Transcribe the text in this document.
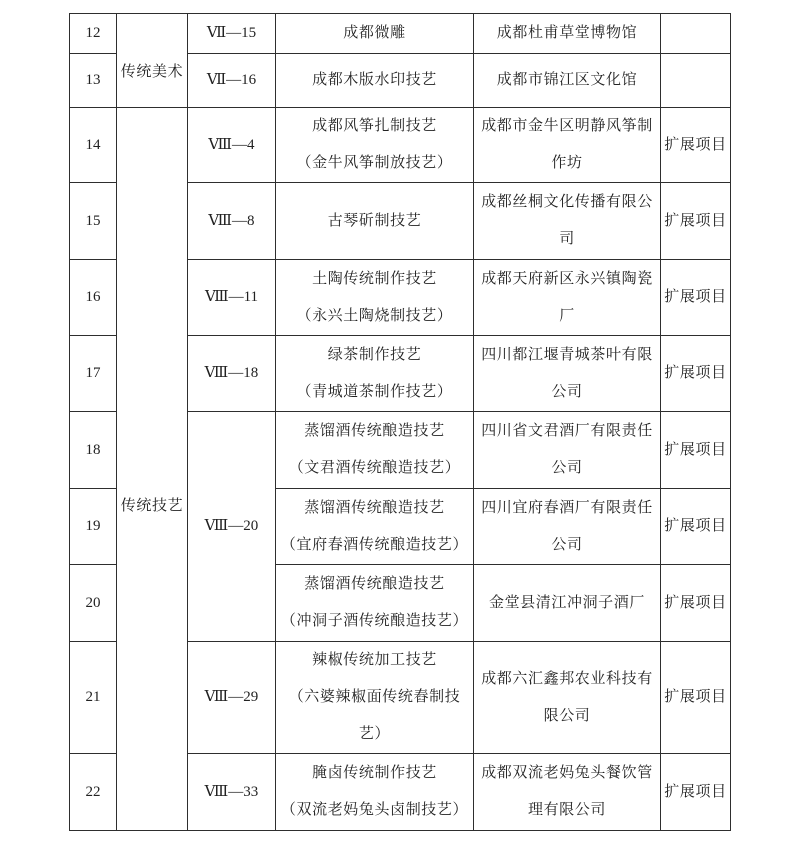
12	传统美术	Ⅶ—15	成都微雕	成都杜甫草堂博物馆	

13		Ⅶ—16	成都木版水印技艺	成都市锦江区文化馆	

14	传统技艺	Ⅷ—4	成都风筝扎制技艺
（金牛风筝制放技艺）	成都市金牛区明静风筝制作坊	扩展项目
15		Ⅷ—8	古琴斫制技艺	成都丝桐文化传播有限公司	扩展项目
16		Ⅷ—11	土陶传统制作技艺
（永兴土陶烧制技艺）	成都天府新区永兴镇陶瓷厂	扩展项目
17		Ⅷ—18	绿茶制作技艺
（青城道茶制作技艺）	四川都江堰青城茶叶有限公司	扩展项目
18		Ⅷ—20	蒸馏酒传统酿造技艺
（文君酒传统酿造技艺）	四川省文君酒厂有限责任公司	扩展项目
19			蒸馏酒传统酿造技艺
（宜府春酒传统酿造技艺）	四川宜府春酒厂有限责任公司	扩展项目
20			蒸馏酒传统酿造技艺
（冲洞子酒传统酿造技艺）	金堂县清江冲洞子酒厂	扩展项目
21		Ⅷ—29	辣椒传统加工技艺
（六婆辣椒面传统舂制技艺）	成都六汇鑫邦农业科技有限公司	扩展项目
22		Ⅷ—33	腌卤传统制作技艺
（双流老妈兔头卤制技艺）	成都双流老妈兔头餐饮管理有限公司	扩展项目
